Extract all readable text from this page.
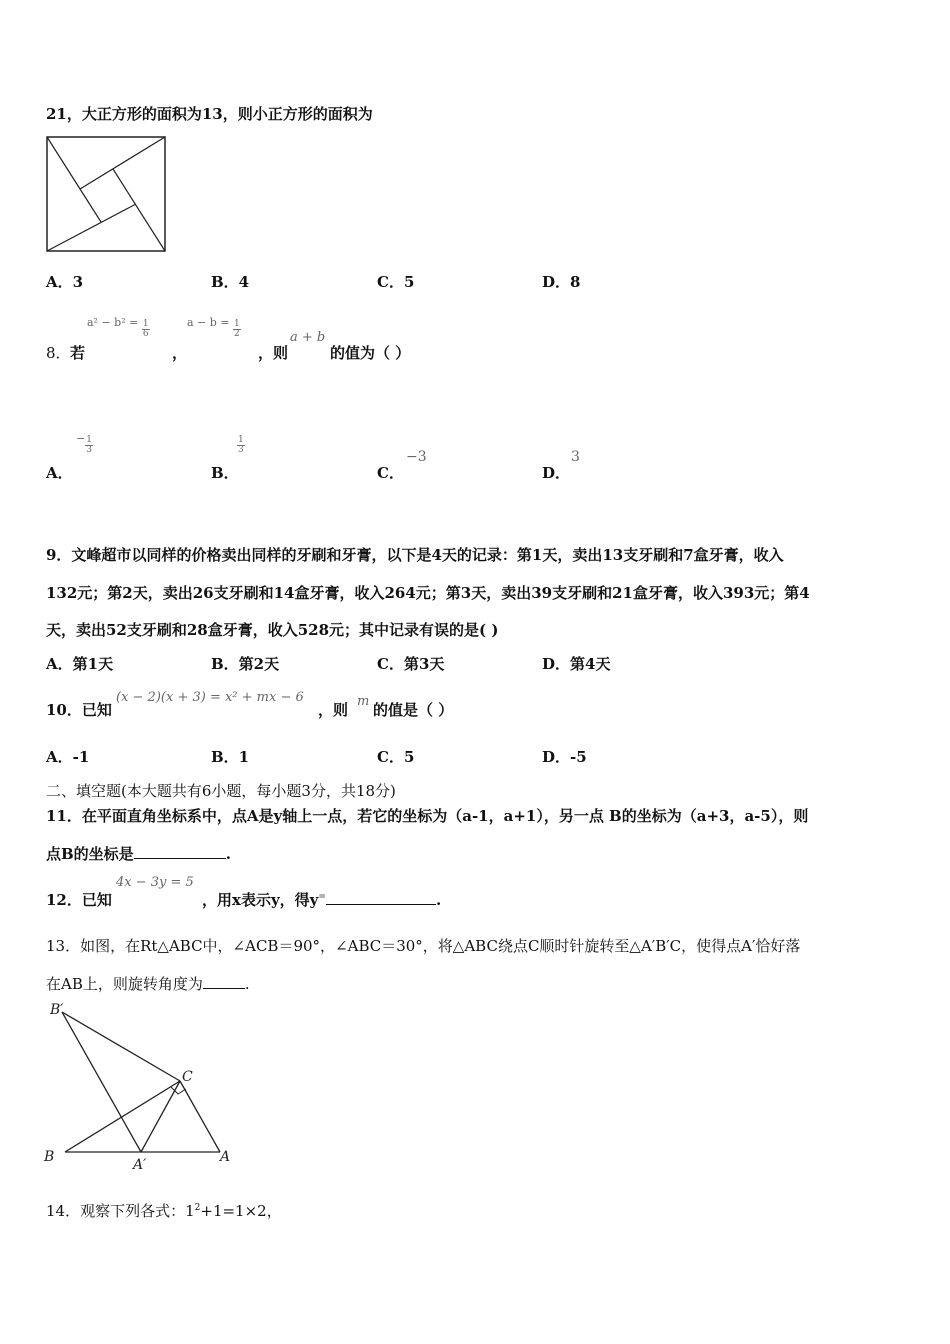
21，大正方形的面积为13，则小正方形的面积为
A．3	B．4	C．5	D．8
$a^2 - b^2 = \frac{1}{6}$	$a - b = \frac{1}{2}$	a + b
8． 若	，	，则	的值为（ ）
A．
− $\frac{1}{3}$
B．
$\frac{1}{3}$
C．
−3
D．
3
9．文峰超市以同样的价格卖出同样的牙刷和牙膏，以下是4天的记录：第1天，卖出13支牙刷和7盒牙膏，收入
132元；第2天，卖出26支牙刷和14盒牙膏，收入264元；第3天，卖出39支牙刷和21盒牙膏，收入393元；第4
天，卖出52支牙刷和28盒牙膏，收入528元；其中记录有误的是( )
A．第1天	B．第2天	C．第3天	D．第4天
10．已知
(x − 2)(x + 3) = x² + mx − 6
，则 m 的值是（ ）
A．-1	B．1	C．5	D．-5
二、填空题(本大题共有6小题，每小题3分，共18分)
11．在平面直角坐标系中，点A是y轴上一点，若它的坐标为（a-1，a+1），另一点 B的坐标为（a+3，a-5），则
点B的坐标是	.
12．已知
4x − 3y = 5
，用x表示y，得y=	.
13．如图，在Rt△ABC中，∠ACB＝90°，∠ABC＝30°，将△ABC绕点C顺时针旋转至△A′B′C，使得点A′恰好落
在AB上，则旋转角度为	.
B′
C
B	A′	A
14．观察下列各式：$1^2+1=1\times 2$，
